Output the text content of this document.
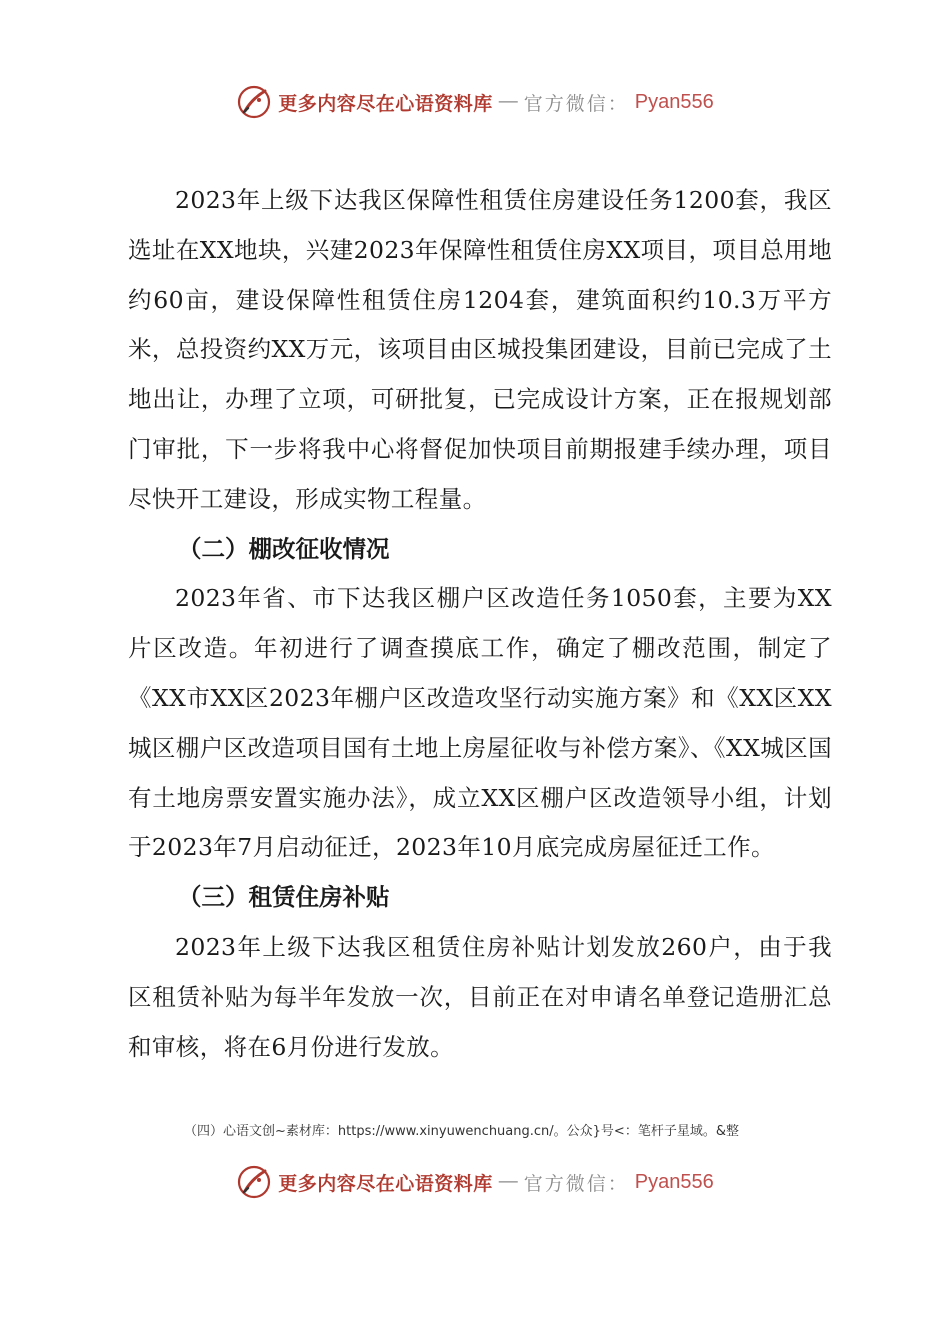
更多内容尽在心语资料库 — 官方微信： Pyan556

2023年上级下达我区保障性租赁住房建设任务1200套，我区选址在XX地块，兴建2023年保障性租赁住房XX项目，项目总用地约60亩，建设保障性租赁住房1204套，建筑面积约10.3万平方米，总投资约XX万元，该项目由区城投集团建设，目前已完成了土地出让，办理了立项，可研批复，已完成设计方案，正在报规划部门审批，下一步将我中心将督促加快项目前期报建手续办理，项目尽快开工建设，形成实物工程量。

（二）棚改征收情况

2023年省、市下达我区棚户区改造任务1050套，主要为XX片区改造。年初进行了调查摸底工作，确定了棚改范围，制定了《XX市XX区2023年棚户区改造攻坚行动实施方案》和《XX区XX城区棚户区改造项目国有土地上房屋征收与补偿方案》、《XX城区国有土地房票安置实施办法》，成立XX区棚户区改造领导小组，计划于2023年7月启动征迁，2023年10月底完成房屋征迁工作。

（三）租赁住房补贴

2023年上级下达我区租赁住房补贴计划发放260户，由于我区租赁补贴为每半年发放一次，目前正在对申请名单登记造册汇总和审核，将在6月份进行发放。

（四）心语文创~素材库：https://www.xinyuwenchuang.cn/。公众}号<：笔杆子星域。&整
更多内容尽在心语资料库 — 官方微信： Pyan556
